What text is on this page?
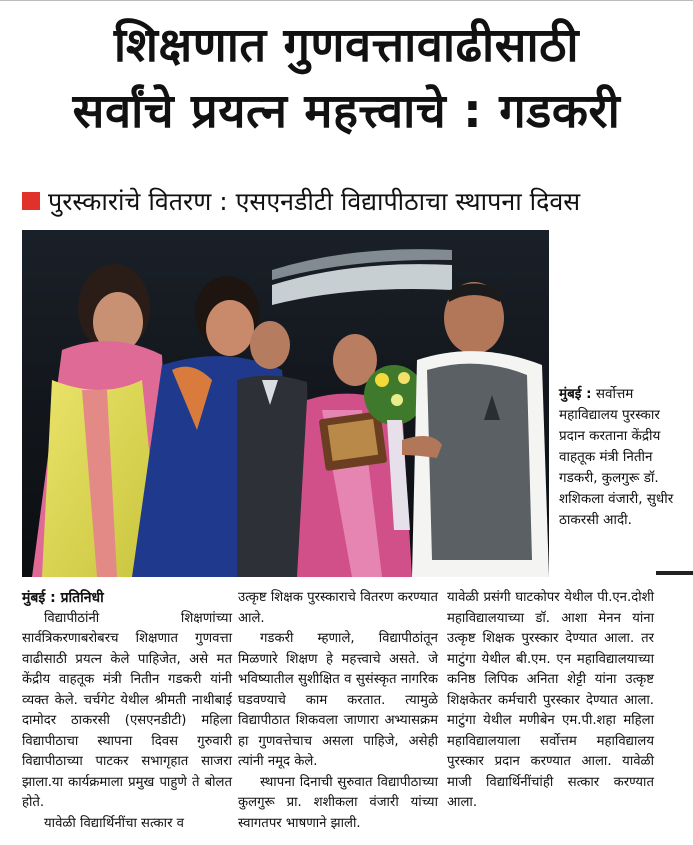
शिक्षणात गुणवत्तावाढीसाठी
सर्वांचे प्रयत्न महत्त्वाचे : गडकरी
पुरस्कारांचे वितरण : एसएनडीटी विद्यापीठाचा स्थापना दिवस
मुंबई : सर्वोत्तम महाविद्यालय पुरस्कार प्रदान करताना केंद्रीय वाहतूक मंत्री नितीन गडकरी, कुलगुरू डॉ. शशिकला वंजारी, सुधीर ठाकरसी आदी.

मुंबई : प्रतिनिधी

विद्यापीठांनी शिक्षणांच्या सार्वत्रिकरणाबरोबरच शिक्षणात गुणवत्ता वाढीसाठी प्रयत्न केले पाहिजेत, असे मत केंद्रीय वाहतूक मंत्री नितीन गडकरी यांनी व्यक्त केले. चर्चगेट येथील श्रीमती नाथीबाई दामोदर ठाकरसी (एसएनडीटी) महिला विद्यापीठाचा स्थापना दिवस गुरुवारी विद्यापीठाच्या पाटकर सभागृहात साजरा झाला.या कार्यक्रमाला प्रमुख पाहुणे ते बोलत होते.

यावेळी विद्यार्थिनींचा सत्कार व

उत्कृष्ट शिक्षक पुरस्काराचे वितरण करण्यात आले.

गडकरी म्हणाले, विद्यापीठांतून मिळणारे शिक्षण हे महत्त्वाचे असते. जे भविष्यातील सुशीक्षित व सुसंस्कृत नागरिक घडवण्याचे काम करतात. त्यामुळे विद्यापीठात शिकवला जाणारा अभ्यासक्रम हा गुणवत्तेचाच असला पाहिजे, असेही त्यांनी नमूद केले.

स्थापना दिनाची सुरुवात विद्यापीठाच्या कुलगुरू प्रा. शशीकला वंजारी यांच्या स्वागतपर भाषणाने झाली.

यावेळी प्रसंगी घाटकोपर येथील पी.एन.दोशी महाविद्यालयाच्या डॉ. आशा मेनन यांना उत्कृष्ट शिक्षक पुरस्कार देण्यात आला. तर माटुंगा येथील बी.एम. एन महाविद्यालयाच्या कनिष्ठ लिपिक अनिता शेट्टी यांना उत्कृष्ट शिक्षकेतर कर्मचारी पुरस्कार देण्यात आला. माटुंगा येथील मणीबेन एम.पी.शहा महिला महाविद्यालयाला सर्वोत्तम महाविद्यालय पुरस्कार प्रदान करण्यात आला. यावेळी माजी विद्यार्थिनींचांही सत्कार करण्यात आला.
